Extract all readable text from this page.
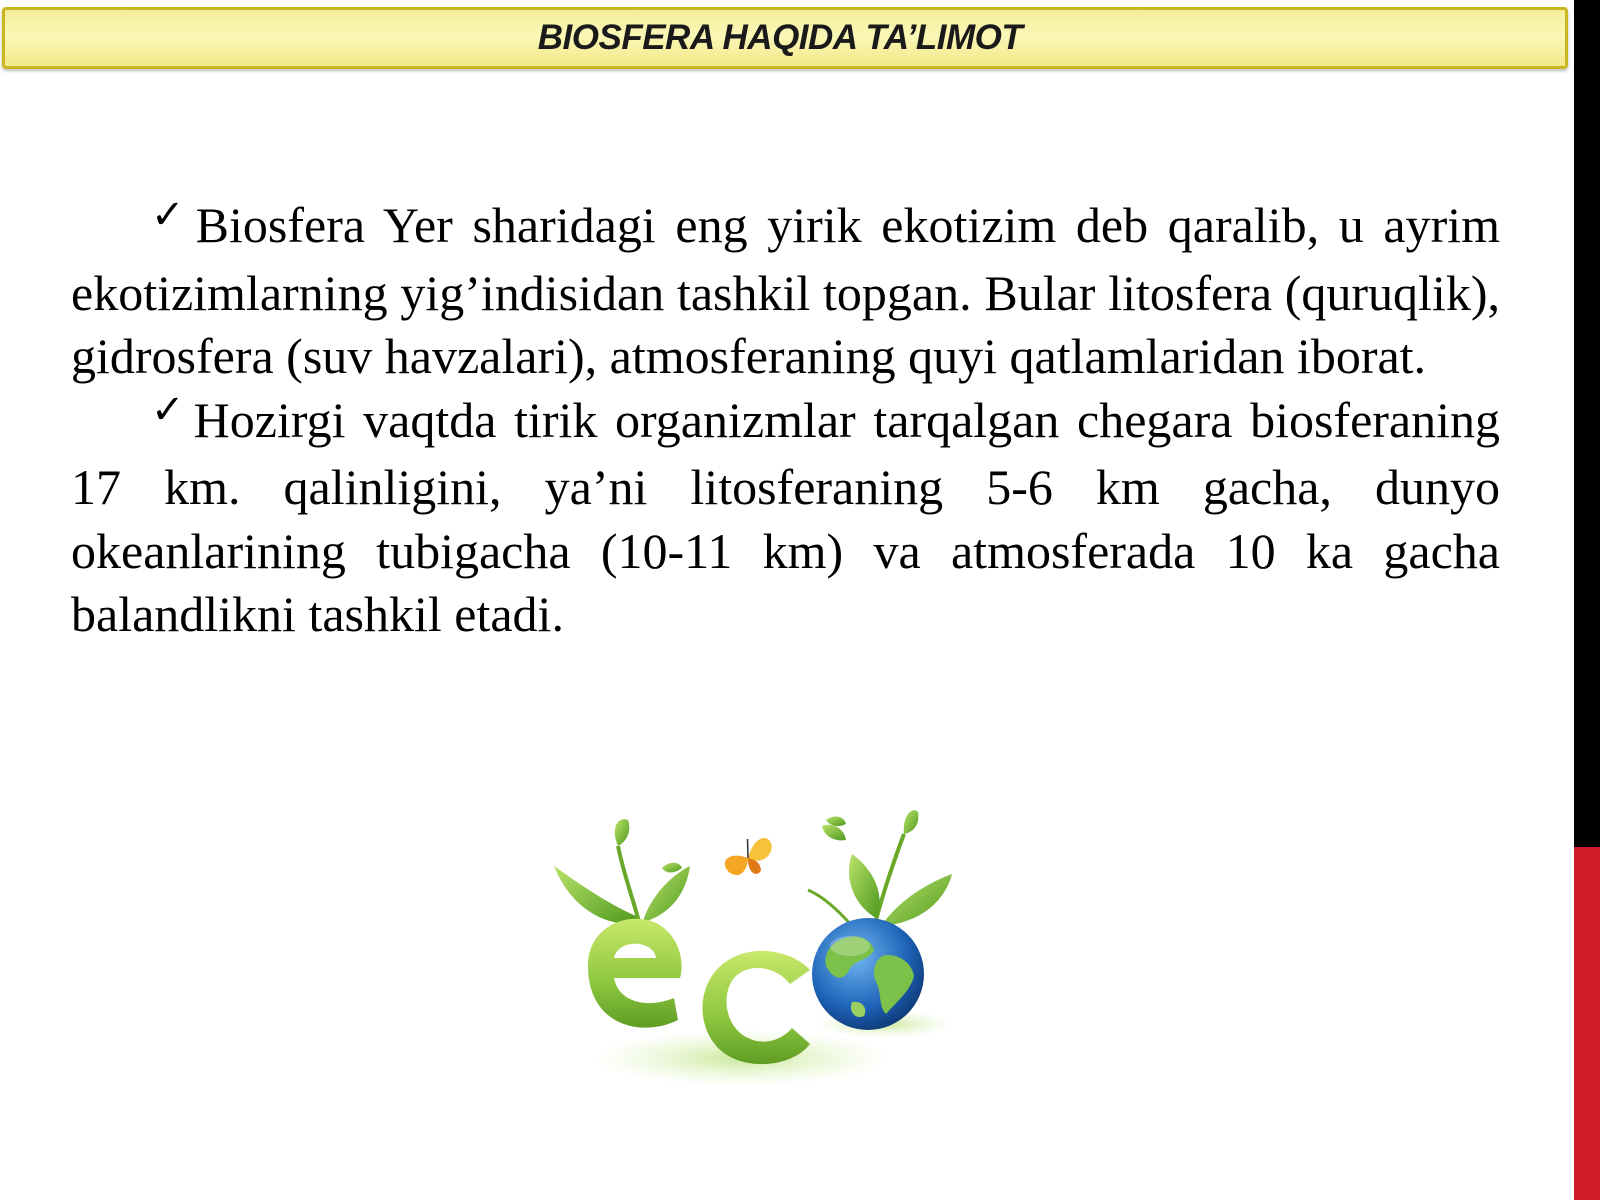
BIOSFERA HAQIDA TA’LIMOT

✓Biosfera Yer sharidagi eng yirik ekotizim deb qaralib, u ayrim ekotizimlarning yig’indisidan tashkil topgan. Bular litosfera (quruqlik), gidrosfera (suv havzalari), atmosferaning quyi qatlamlaridan iborat.

✓Hozirgi vaqtda tirik organizmlar tarqalgan chegara biosferaning 17 km. qalinligini, ya’ni litosferaning 5-6 km gacha, dunyo okeanlarining tubigacha (10-11 km) va atmosferada 10 ka gacha balandlikni tashkil etadi.
